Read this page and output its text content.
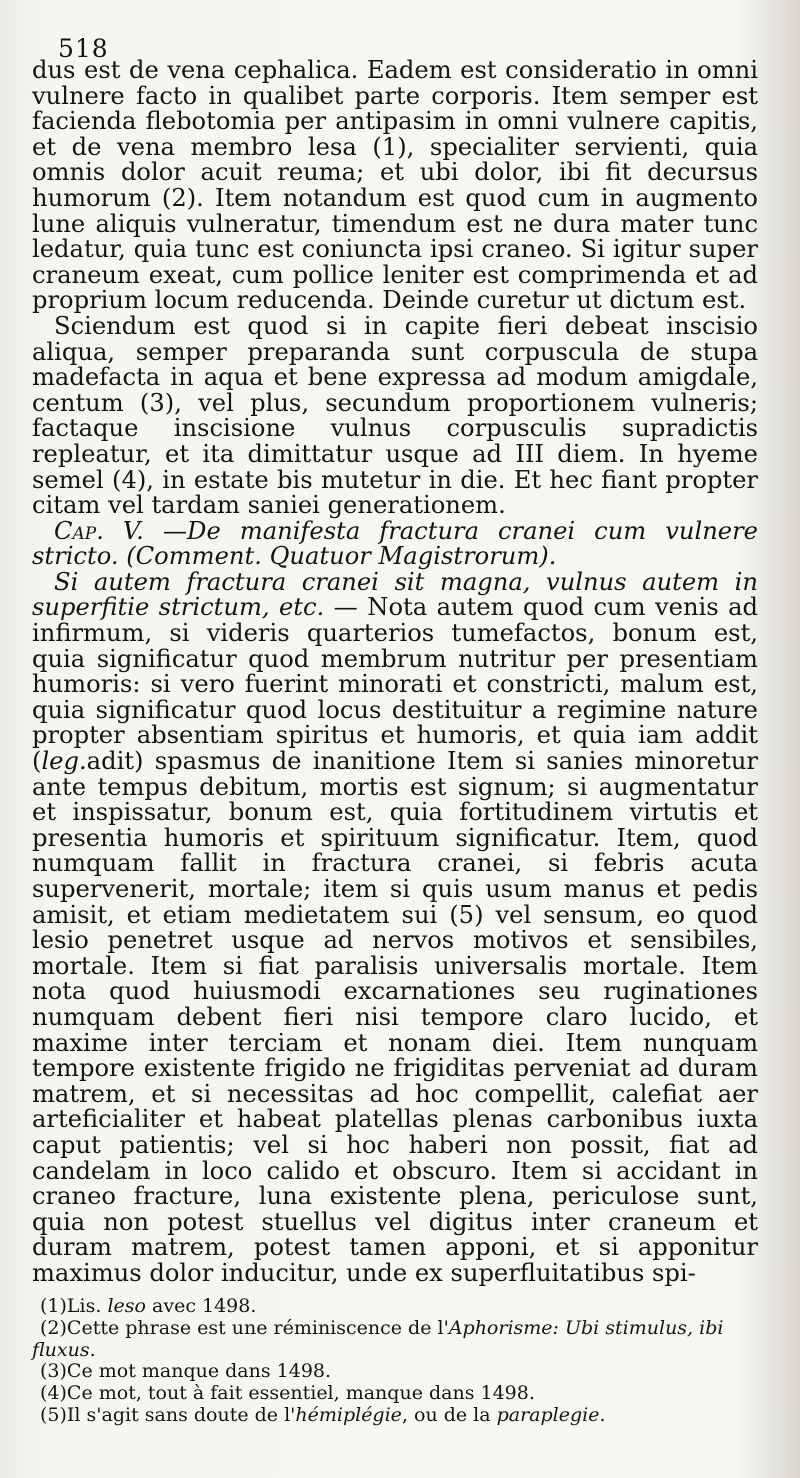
518

dus est de vena cephalica. Eadem est consideratio in omni vulnere facto in qualibet parte corporis. Item semper est facienda flebotomia per antipasim in omni vulnere capitis, et de vena membro lesa (1), specialiter servienti, quia omnis dolor acuit reuma; et ubi dolor, ibi fit decursus humorum (2). Item notandum est quod cum in augmento lune aliquis vulneratur, timendum est ne dura mater tunc ledatur, quia tunc est coniuncta ipsi craneo. Si igitur super craneum exeat, cum pollice leniter est comprimenda et ad proprium locum reducenda. Deinde curetur ut dictum est.

Sciendum est quod si in capite fieri debeat inscisio aliqua, semper preparanda sunt corpuscula de stupa madefacta in aqua et bene expressa ad modum amigdale, centum (3), vel plus, secundum proportionem vulneris; factaque inscisione vulnus corpusculis supradictis repleatur, et ita dimittatur usque ad III diem. In hyeme semel (4), in estate bis mutetur in die. Et hec fiant propter citam vel tardam saniei generationem.

Cap. V. —De manifesta fractura cranei cum vulnere stricto. (Comment. Quatuor Magistrorum).

Si autem fractura cranei sit magna, vulnus autem in superfitie strictum, etc. — Nota autem quod cum venis ad infirmum, si videris quarterios tumefactos, bonum est, quia significatur quod membrum nutritur per presentiam humoris: si vero fuerint minorati et constricti, malum est, quia significatur quod locus destituitur a regimine nature propter absentiam spiritus et humoris, et quia iam addit (leg.adit) spasmus de inanitione Item si sanies minoretur ante tempus debitum, mortis est signum; si augmentatur et inspissatur, bonum est, quia fortitudinem virtutis et presentia humoris et spirituum significatur. Item, quod numquam fallit in fractura cranei, si febris acuta supervenerit, mortale; item si quis usum manus et pedis amisit, et etiam medietatem sui (5) vel sensum, eo quod lesio penetret usque ad nervos motivos et sensibiles, mortale. Item si fiat paralisis universalis mortale. Item nota quod huiusmodi excarnationes seu ruginationes numquam debent fieri nisi tempore claro lucido, et maxime inter terciam et nonam diei. Item nunquam tempore existente frigido ne frigiditas perveniat ad duram matrem, et si necessitas ad hoc compellit, calefiat aer arteficialiter et habeat platellas plenas carbonibus iuxta caput patientis; vel si hoc haberi non possit, fiat ad candelam in loco calido et obscuro. Item si accidant in craneo fracture, luna existente plena, periculose sunt, quia non potest stuellus vel digitus inter craneum et duram matrem, potest tamen apponi, et si apponitur maximus dolor inducitur, unde ex superfluitatibus spi-

(1)Lis. leso avec 1498.

(2)Cette phrase est une réminiscence de l'Aphorisme: Ubi stimulus, ibi fluxus.

(3)Ce mot manque dans 1498.

(4)Ce mot, tout à fait essentiel, manque dans 1498.

(5)Il s'agit sans doute de l'hémiplégie, ou de la paraplegie.
